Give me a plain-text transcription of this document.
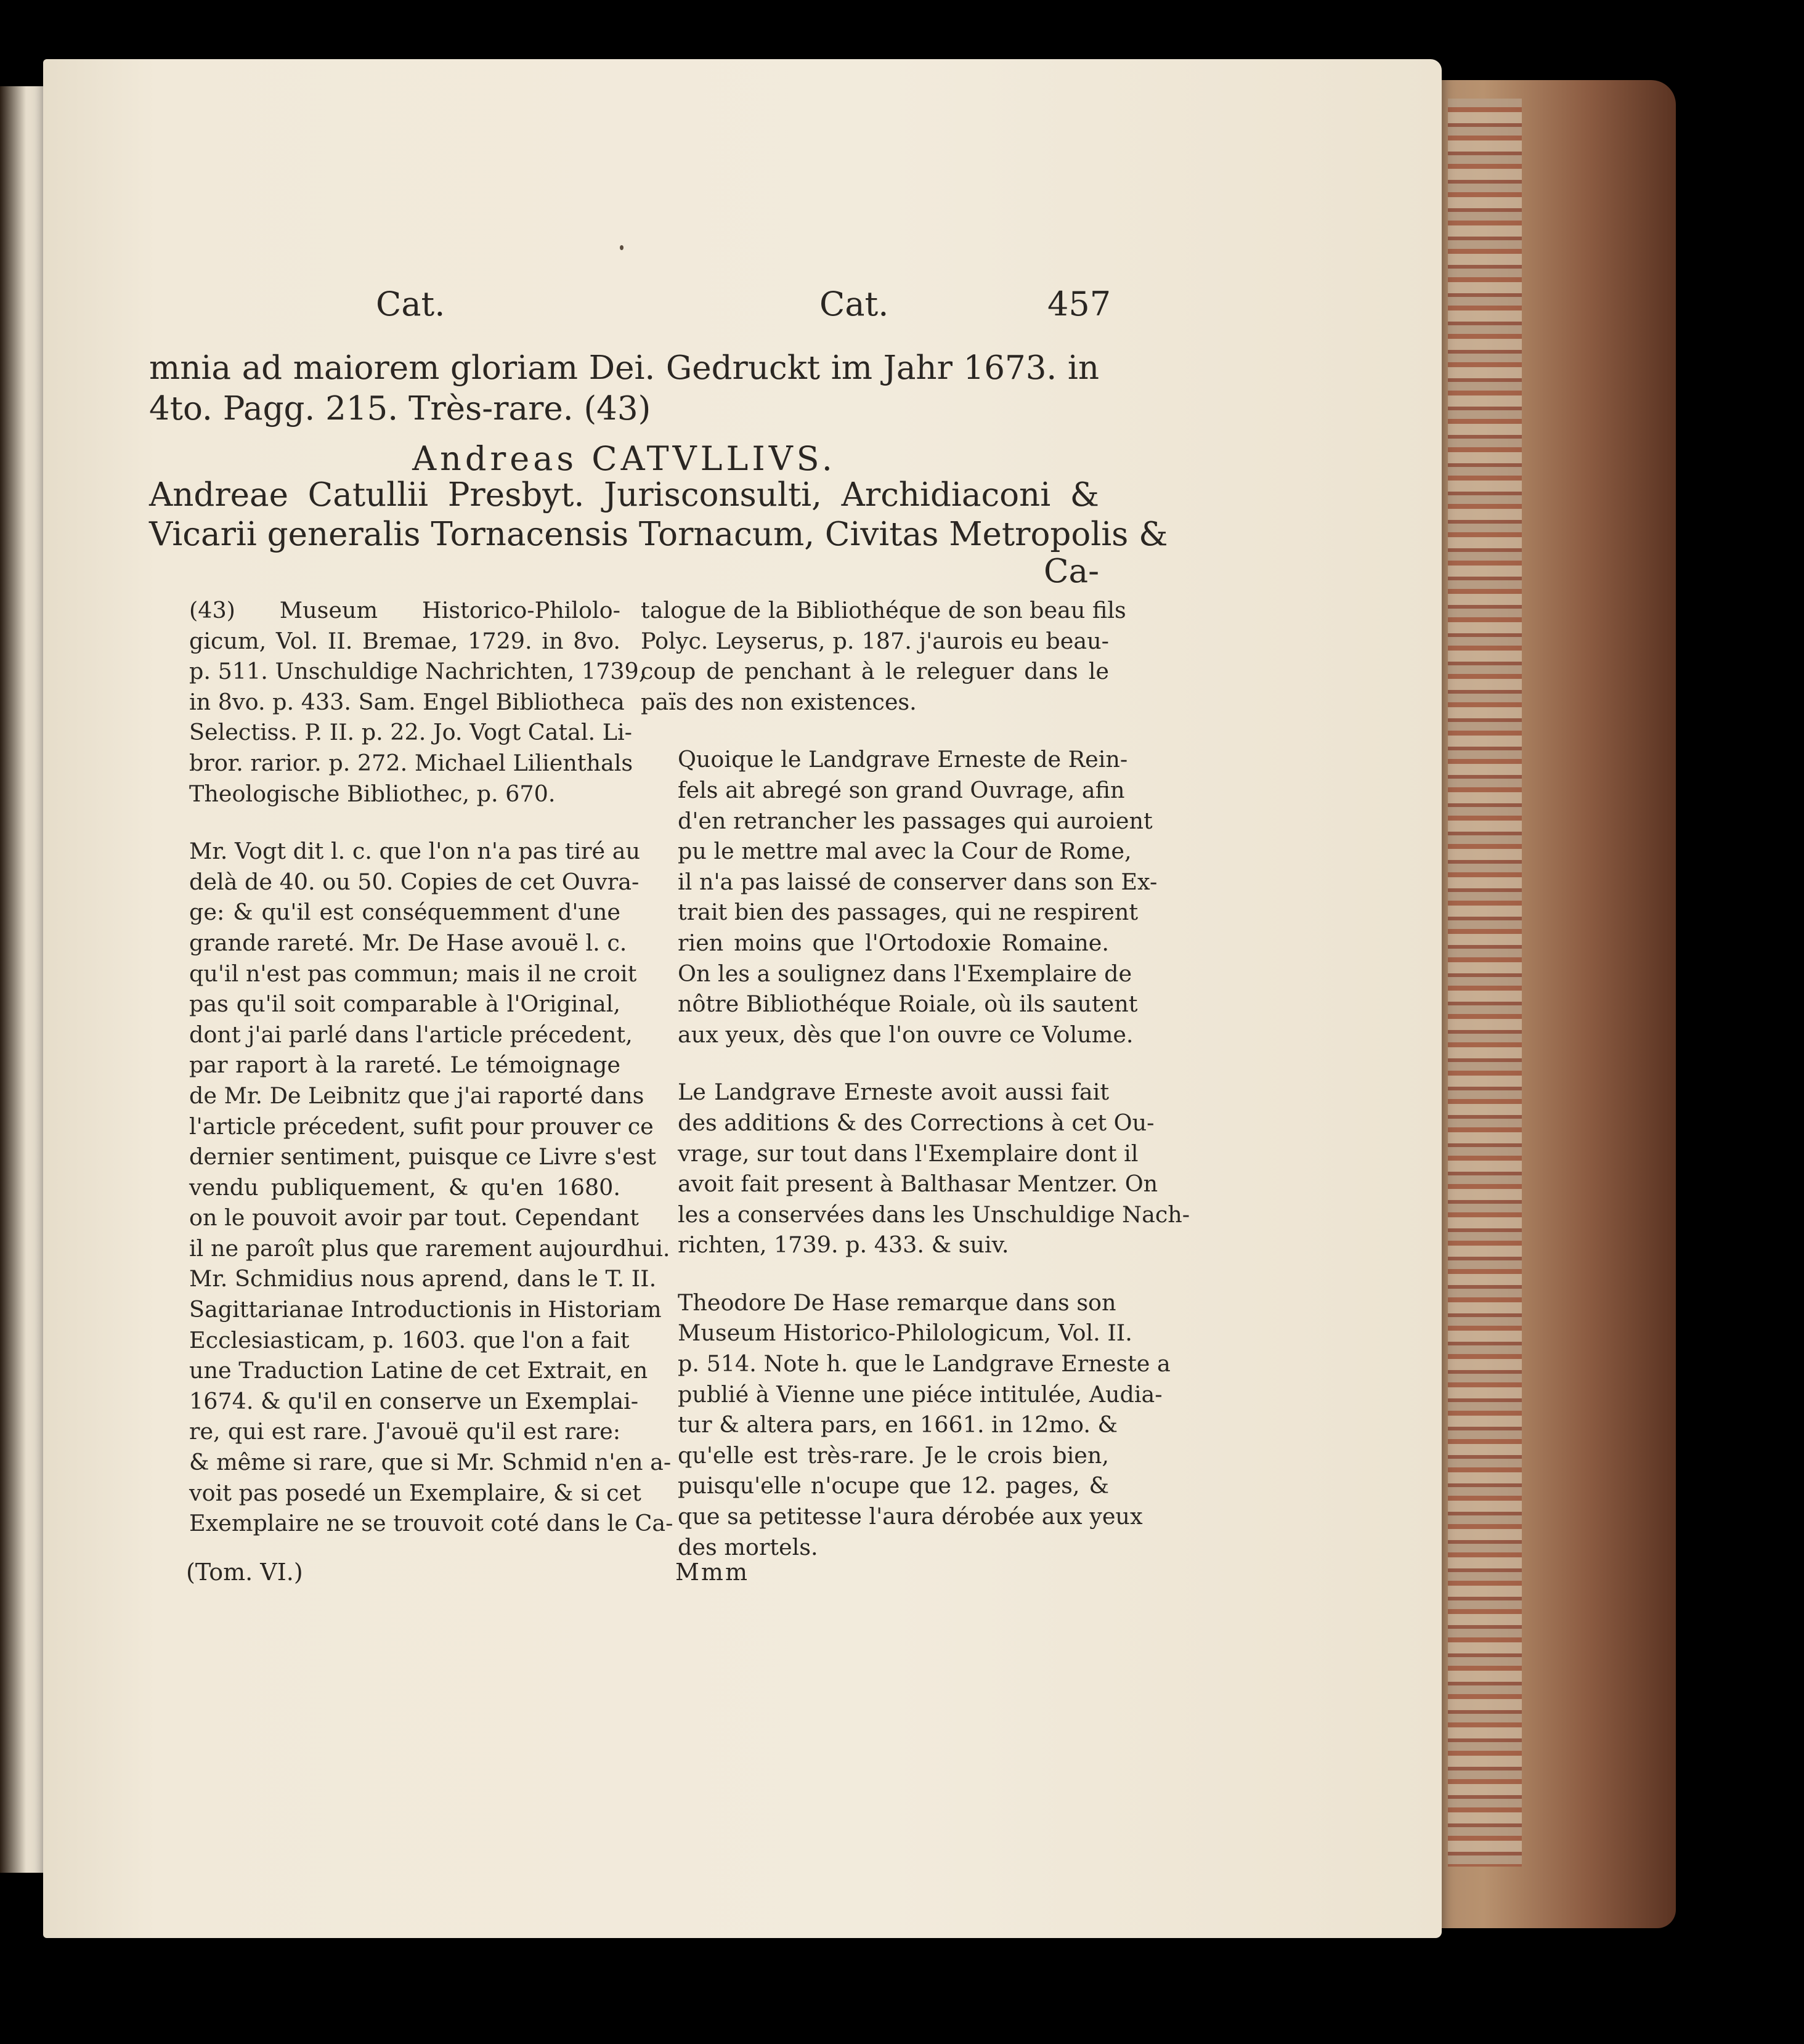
Cat.	Cat.	457
mnia ad maiorem gloriam Dei. Gedruckt im Jahr 1673. in
4to. Pagg. 215. Très-rare. (43)
Andreas CATVLLIVS.
Andreae Catullii Presbyt. Jurisconsulti, Archidiaconi &
Vicarii generalis Tornacensis Tornacum, Civitas Metropolis &
Ca-

(43) Museum Historico-Philolo-
gicum, Vol. II. Bremae, 1729. in 8vo.
p. 511. Unschuldige Nachrichten, 1739,
in 8vo. p. 433. Sam. Engel Bibliotheca
Selectiss. P. II. p. 22. Jo. Vogt Catal. Li-
bror. rarior. p. 272. Michael Lilienthals
Theologische Bibliothec, p. 670.

Mr. Vogt dit l. c. que l'on n'a pas tiré au
delà de 40. ou 50. Copies de cet Ouvra-
ge: & qu'il est conséquemment d'une
grande rareté. Mr. De Hase avouë l. c.
qu'il n'est pas commun; mais il ne croit
pas qu'il soit comparable à l'Original,
dont j'ai parlé dans l'article précedent,
par raport à la rareté. Le témoignage
de Mr. De Leibnitz que j'ai raporté dans
l'article précedent, sufit pour prouver ce
dernier sentiment, puisque ce Livre s'est
vendu publiquement, & qu'en 1680.
on le pouvoit avoir par tout. Cependant
il ne paroît plus que rarement aujourdhui.
Mr. Schmidius nous aprend, dans le T. II.
Sagittarianae Introductionis in Historiam
Ecclesiasticam, p. 1603. que l'on a fait
une Traduction Latine de cet Extrait, en
1674. & qu'il en conserve un Exemplai-
re, qui est rare. J'avouë qu'il est rare:
& même si rare, que si Mr. Schmid n'en a-
voit pas posedé un Exemplaire, & si cet
Exemplaire ne se trouvoit coté dans le Ca-

talogue de la Bibliothéque de son beau fils
Polyc. Leyserus, p. 187. j'aurois eu beau-
coup de penchant à le releguer dans le
païs des non existences.

Quoique le Landgrave Erneste de Rein-
fels ait abregé son grand Ouvrage, afin
d'en retrancher les passages qui auroient
pu le mettre mal avec la Cour de Rome,
il n'a pas laissé de conserver dans son Ex-
trait bien des passages, qui ne respirent
rien moins que l'Ortodoxie Romaine.
On les a soulignez dans l'Exemplaire de
nôtre Bibliothéque Roiale, où ils sautent
aux yeux, dès que l'on ouvre ce Volume.

Le Landgrave Erneste avoit aussi fait
des additions & des Corrections à cet Ou-
vrage, sur tout dans l'Exemplaire dont il
avoit fait present à Balthasar Mentzer. On
les a conservées dans les Unschuldige Nach-
richten, 1739. p. 433. & suiv.

Theodore De Hase remarque dans son
Museum Historico-Philologicum, Vol. II.
p. 514. Note h. que le Landgrave Erneste a
publié à Vienne une piéce intitulée, Audia-
tur & altera pars, en 1661. in 12mo. &
qu'elle est très-rare. Je le crois bien,
puisqu'elle n'ocupe que 12. pages, &
que sa petitesse l'aura dérobée aux yeux
des mortels.

(Tom. VI.)	Mmm
